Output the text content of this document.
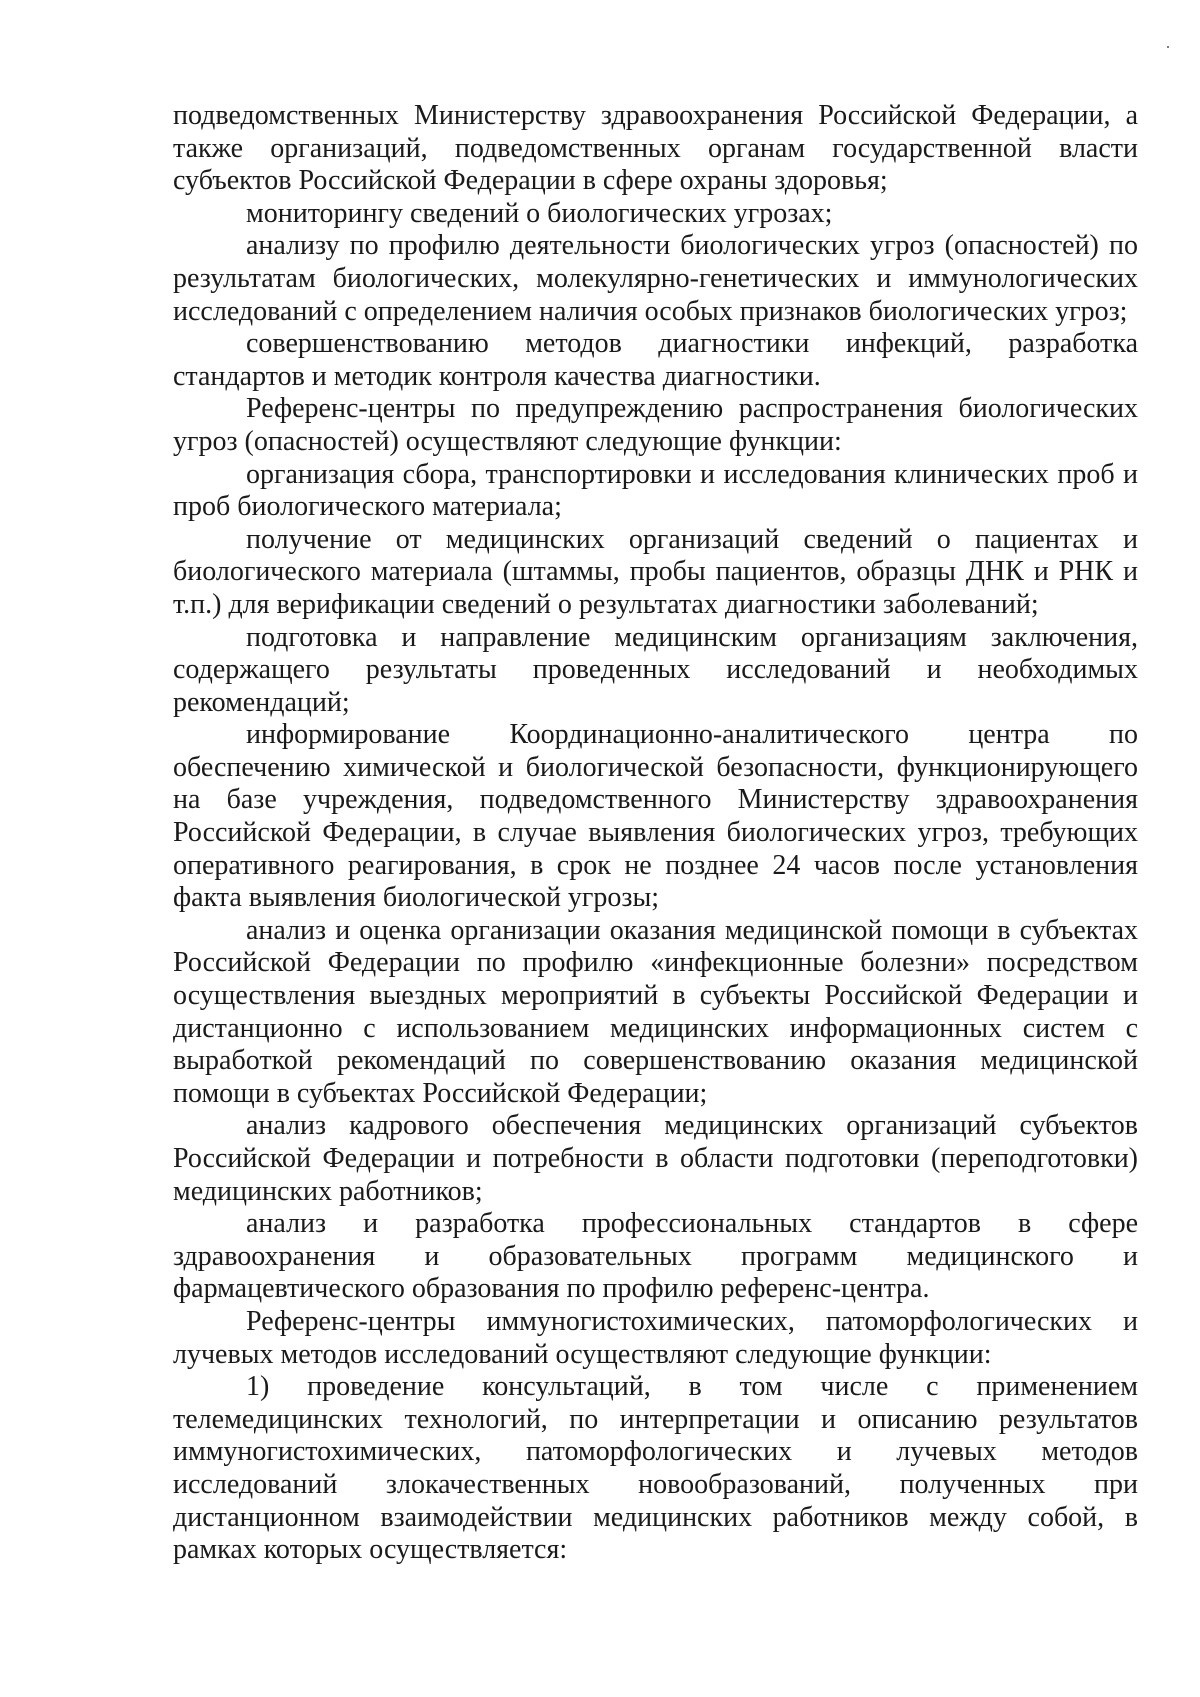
подведомственных Министерству здравоохранения Российской Федерации, а также организаций, подведомственных органам государственной власти субъектов Российской Федерации в сфере охраны здоровья;

мониторингу сведений о биологических угрозах;

анализу по профилю деятельности биологических угроз (опасностей) по результатам биологических, молекулярно-генетических и иммунологических исследований с определением наличия особых признаков биологических угроз;

совершенствованию методов диагностики инфекций, разработка стандартов и методик контроля качества диагностики.

Референс-центры по предупреждению распространения биологических угроз (опасностей) осуществляют следующие функции:

организация сбора, транспортировки и исследования клинических проб и проб биологического материала;

получение от медицинских организаций сведений о пациентах и биологического материала (штаммы, пробы пациентов, образцы ДНК и РНК и т.п.) для верификации сведений о результатах диагностики заболеваний;

подготовка и направление медицинским организациям заключения, содержащего результаты проведенных исследований и необходимых рекомендаций;

информирование Координационно-аналитического центра по обеспечению химической и биологической безопасности, функционирующего на базе учреждения, подведомственного Министерству здравоохранения Российской Федерации, в случае выявления биологических угроз, требующих оперативного реагирования, в срок не позднее 24 часов после установления факта выявления биологической угрозы;

анализ и оценка организации оказания медицинской помощи в субъектах Российской Федерации по профилю «инфекционные болезни» посредством осуществления выездных мероприятий в субъекты Российской Федерации и дистанционно с использованием медицинских информационных систем с выработкой рекомендаций по совершенствованию оказания медицинской помощи в субъектах Российской Федерации;

анализ кадрового обеспечения медицинских организаций субъектов Российской Федерации и потребности в области подготовки (переподготовки) медицинских работников;

анализ и разработка профессиональных стандартов в сфере здравоохранения и образовательных программ медицинского и фармацевтического образования по профилю референс-центра.

Референс-центры иммуногистохимических, патоморфологических и лучевых методов исследований осуществляют следующие функции:

1) проведение консультаций, в том числе с применением телемедицинских технологий, по интерпретации и описанию результатов иммуногистохимических, патоморфологических и лучевых методов исследований злокачественных новообразований, полученных при дистанционном взаимодействии медицинских работников между собой, в рамках которых осуществляется:
